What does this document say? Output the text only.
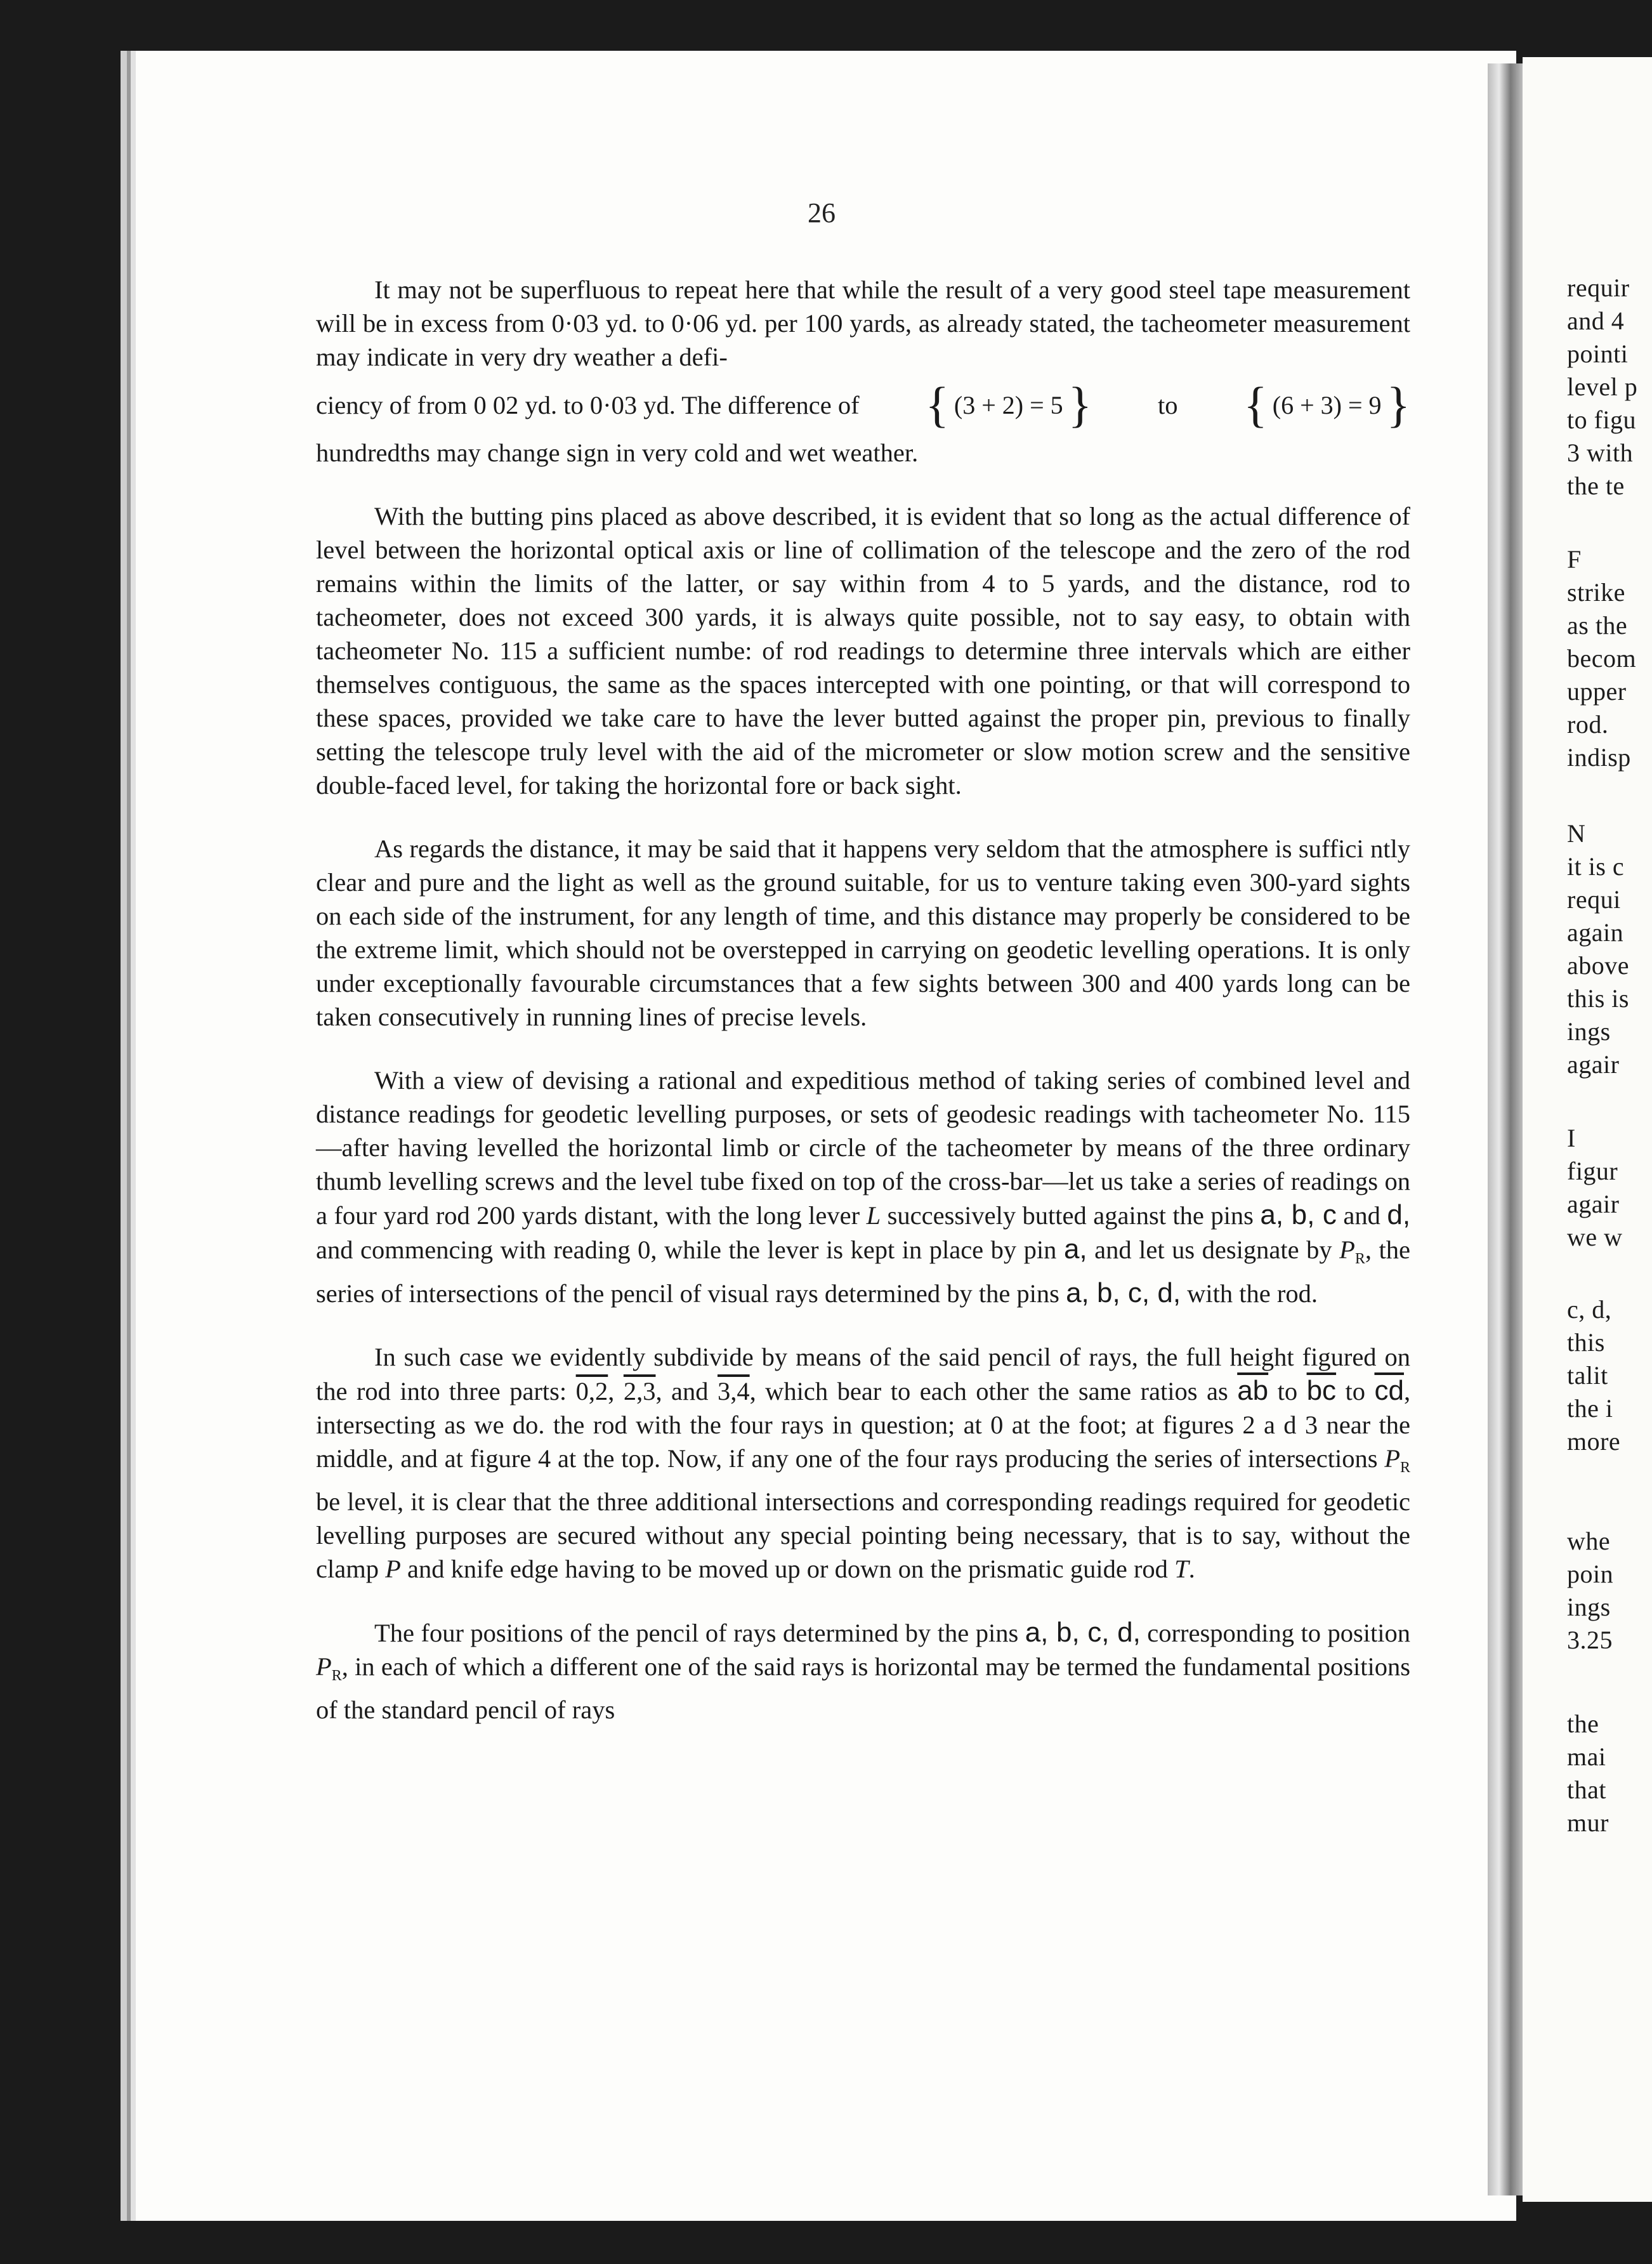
26
requir
and 4
pointi
level p
to figu
3 with
the te
F
strike
as the
becom
upper
rod.
indisp
N
it is c
requi
again
above
this is
ings
agair
I
figur
agair
we w
c, d,
this
talit
the i
more
whe
poin
ings
3.25
the
mai
that
mur

It may not be superfluous to repeat here that while the result of a very good steel tape measurement will be in excess from 0·03 yd. to 0·06 yd. per 100 yards, as already stated, the tacheometer measurement may indicate in very dry weather a defi-

ciency of from 0 02 yd. to 0·03 yd. The difference of { (3 + 2) = 5 }	to { (6 + 3) = 9 }

hundredths may change sign in very cold and wet weather.

With the butting pins placed as above described, it is evident that so long as the actual difference of level between the horizontal optical axis or line of collimation of the telescope and the zero of the rod remains within the limits of the latter, or say within from 4 to 5 yards, and the distance, rod to tacheometer, does not exceed 300 yards, it is always quite possible, not to say easy, to obtain with tacheometer No. 115 a sufficient numbe: of rod readings to determine three intervals which are either themselves contiguous, the same as the spaces intercepted with one pointing, or that will correspond to these spaces, provided we take care to have the lever butted against the proper pin, previous to finally setting the telescope truly level with the aid of the micrometer or slow motion screw and the sensitive double-faced level, for taking the horizontal fore or back sight.

As regards the distance, it may be said that it happens very seldom that the atmosphere is suffici ntly clear and pure and the light as well as the ground suitable, for us to venture taking even 300-yard sights on each side of the instrument, for any length of time, and this distance may properly be considered to be the extreme limit, which should not be overstepped in carrying on geodetic levelling operations. It is only under exceptionally favourable circumstances that a few sights between 300 and 400 yards long can be taken consecutively in running lines of precise levels.

With a view of devising a rational and expeditious method of taking series of combined level and distance readings for geodetic levelling purposes, or sets of geodesic readings with tacheometer No. 115—after having levelled the horizontal limb or circle of the tacheometer by means of the three ordinary thumb levelling screws and the level tube fixed on top of the cross-bar—let us take a series of readings on a four yard rod 200 yards distant, with the long lever L successively butted against the pins a, b, c and d, and commencing with reading 0, while the lever is kept in place by pin a, and let us designate by $P_R$, the series of intersections of the pencil of visual rays determined by the pins a, b, c, d, with the rod.

In such case we evidently subdivide by means of the said pencil of rays, the full height figured on the rod into three parts: 0,2, 2,3, and 3,4, which bear to each other the same ratios as $\overline{ab}$ to $\overline{bc}$ to $\overline{cd}$, intersecting as we do. the rod with the four rays in question; at 0 at the foot; at figures 2 a d 3 near the middle, and at figure 4 at the top. Now, if any one of the four rays producing the series of intersections $P_R$ be level, it is clear that the three additional intersections and corresponding readings required for geodetic levelling purposes are secured without any special pointing being necessary, that is to say, without the clamp P and knife edge having to be moved up or down on the prismatic guide rod T.

The four positions of the pencil of rays determined by the pins a, b, c, d, corresponding to position $P_R$, in each of which a different one of the said rays is horizontal may be termed the fundamental positions of the standard pencil of rays
